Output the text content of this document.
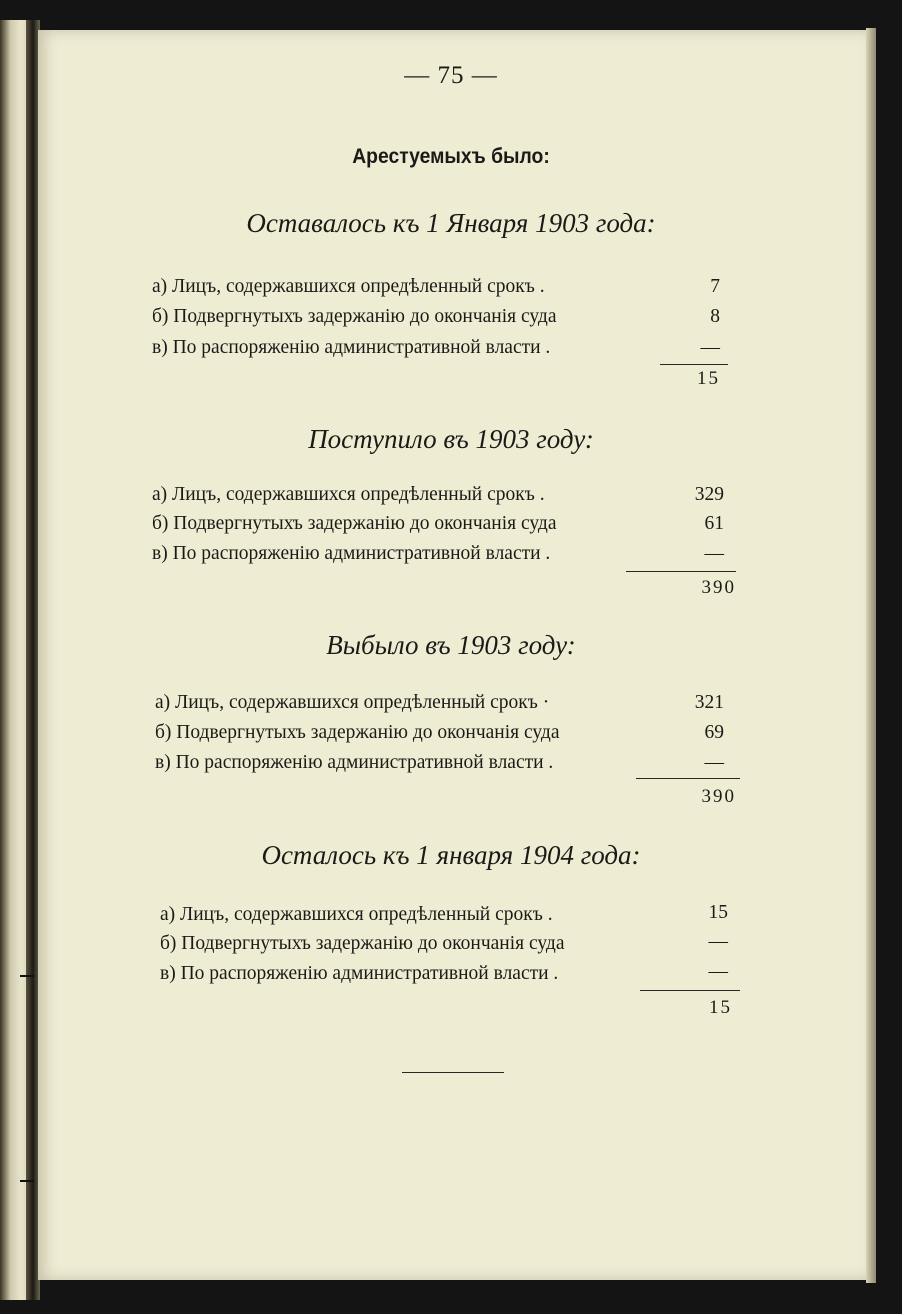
— 75 —
Арестуемыхъ было:
Оставалось къ 1 Января 1903 года:
а) Лицъ, содержавшихся опредѣленный срокъ .	7
б) Подвергнутыхъ задержанію до окончанія суда	8
в) По распоряженію административной власти .	—
15
Поступило въ 1903 году:
а) Лицъ, содержавшихся опредѣленный срокъ .	329
б) Подвергнутыхъ задержанію до окончанія суда	61
в) По распоряженію административной власти .	—
390
Выбыло въ 1903 году:
а) Лицъ, содержавшихся опредѣленный срокъ ·	321
б) Подвергнутыхъ задержанію до окончанія суда	69
в) По распоряженію административной власти .	—
390
Осталось къ 1 января 1904 года:
а) Лицъ, содержавшихся опредѣленный срокъ .	15
б) Подвергнутыхъ задержанію до окончанія суда	—
в) По распоряженію административной власти .	—
15
